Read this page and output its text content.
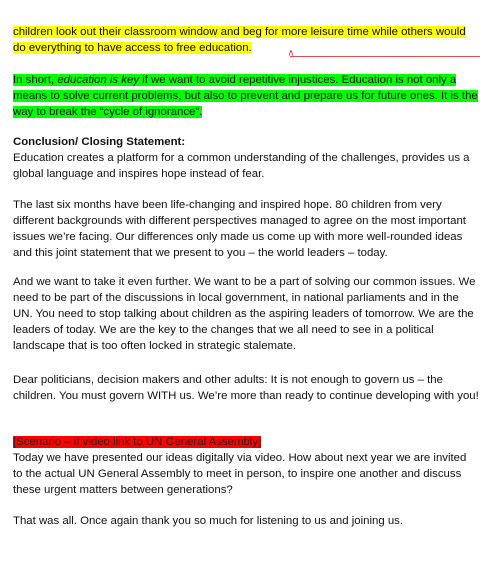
children look out their classroom window and beg for more leisure time while others would do everything to have access to free education.

In short, education is key if we want to avoid repetitive injustices. Education is not only a means to solve current problems, but also to prevent and prepare us for future ones. It is the way to break the “cycle of ignorance”.

Conclusion/ Closing Statement:

Education creates a platform for a common understanding of the challenges, provides us a global language and inspires hope instead of fear.

The last six months have been life-changing and inspired hope. 80 children from very different backgrounds with different perspectives managed to agree on the most important issues we’re facing. Our differences only made us come up with more well-rounded ideas and this joint statement that we present to you – the world leaders – today.

And we want to take it even further. We want to be a part of solving our common issues. We need to be part of the discussions in local government, in national parliaments and in the UN. You need to stop talking about children as the aspiring leaders of tomorrow. We are the leaders of today. We are the key to the changes that we all need to see in a political landscape that is too often locked in strategic stalemate.

Dear politicians, decision makers and other adults: It is not enough to govern us – the children. You must govern WITH us. We’re more than ready to continue developing with you!

[Scenario – if video link to UN General Assembly]

Today we have presented our ideas digitally via video. How about next year we are invited to the actual UN General Assembly to meet in person, to inspire one another and discuss these urgent matters between generations?

That was all. Once again thank you so much for listening to us and joining us.
